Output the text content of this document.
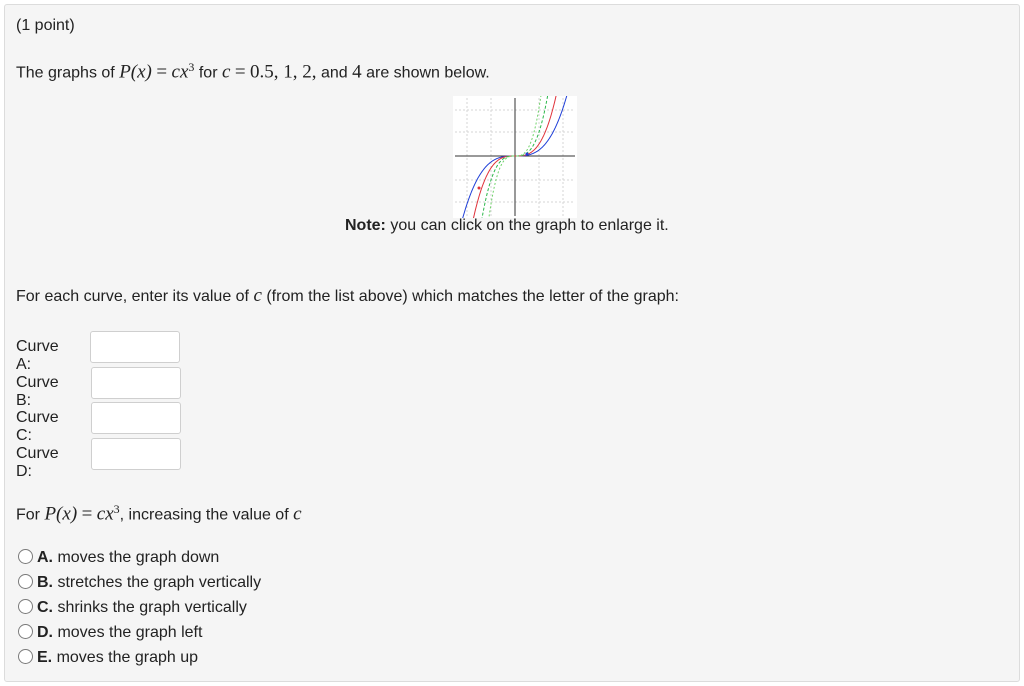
(1 point)
The graphs of $P(x) = cx^3$ for c = 0.5, 1, 2, and 4 are shown below.
Note: you can click on the graph to enlarge it.
For each curve, enter its value of c (from the list above) which matches the letter of the graph:
Curve A:
Curve B:
Curve C:
Curve D:
For $P(x) = cx^3$, increasing the value of c
A. moves the graph down
B. stretches the graph vertically
C. shrinks the graph vertically
D. moves the graph left
E. moves the graph up
